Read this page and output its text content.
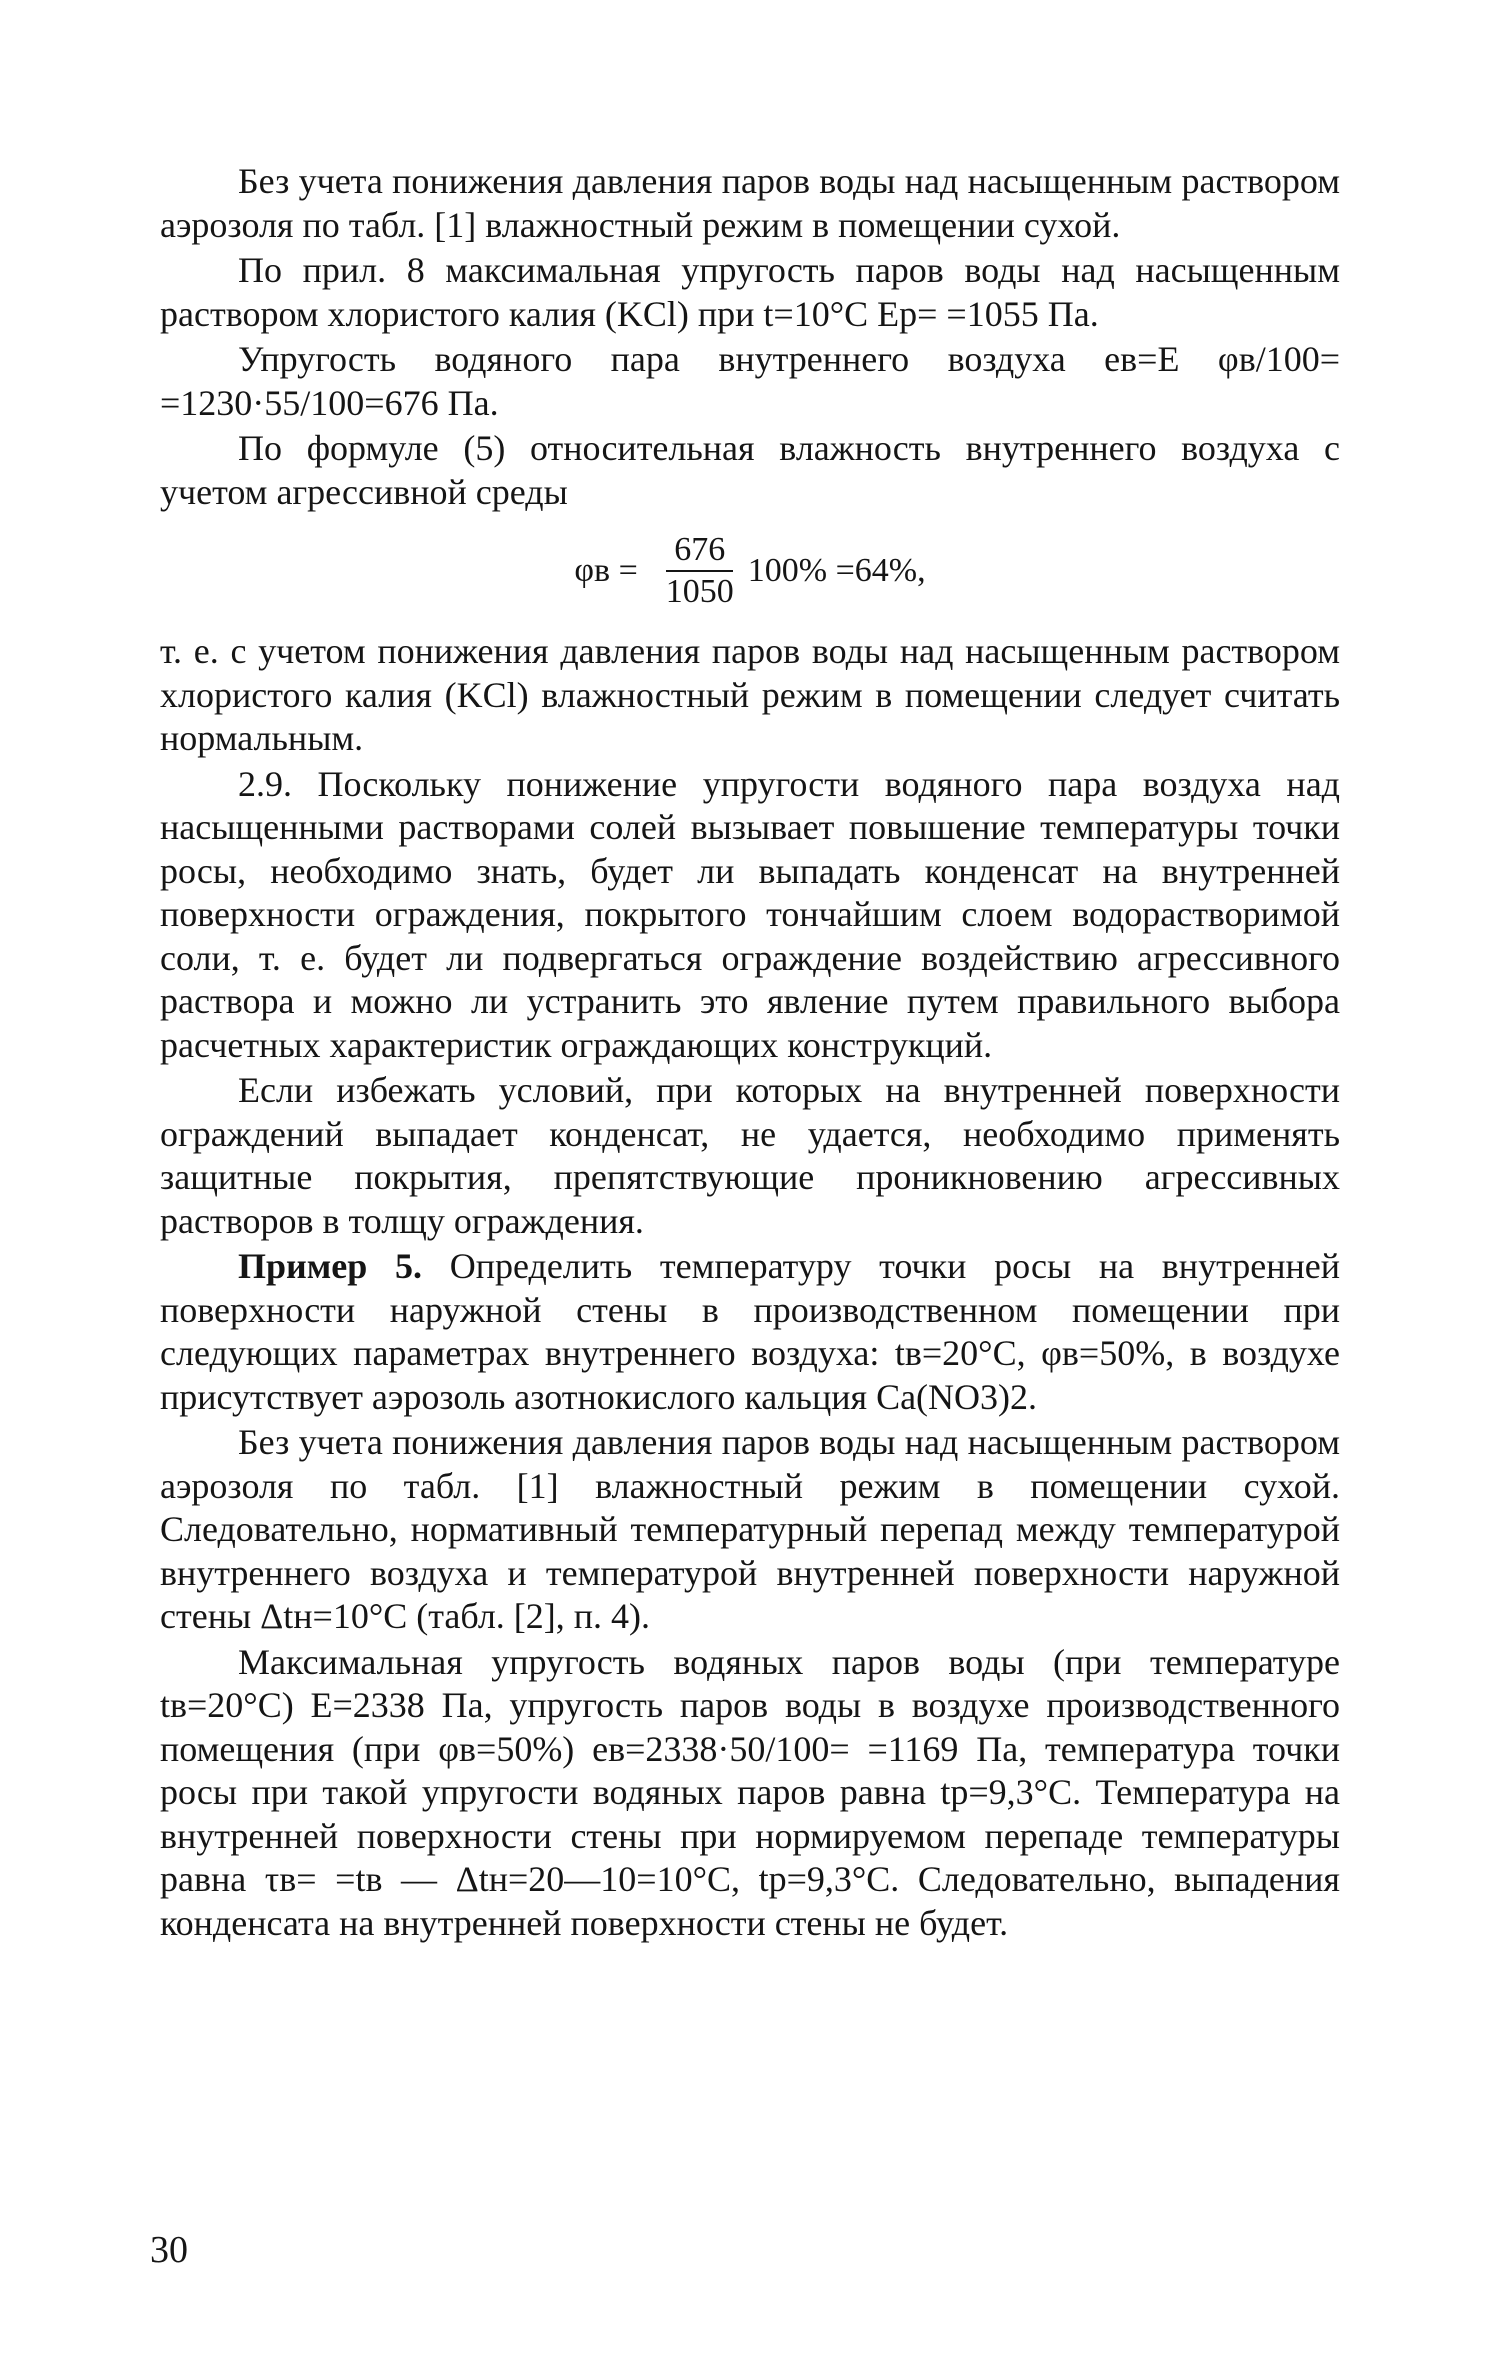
Без учета понижения давления паров воды над насыщенным раствором аэрозоля по табл. [1] влажностный режим в помещении сухой.

По прил. 8 максимальная упругость паров воды над насыщенным раствором хлористого калия (KCl) при t=10°C Eр= =1055 Па.

Упругость водяного пара внутреннего воздуха eв=E φв/100= =1230·55/100=676 Па.

По формуле (5) относительная влажность внутреннего воздуха с учетом агрессивной среды

$\varphi в = \frac{676}{1050} 100\% =64\%$,

т. е. с учетом понижения давления паров воды над насыщенным раствором хлористого калия (KCl) влажностный режим в помещении следует считать нормальным.

2.9. Поскольку понижение упругости водяного пара воздуха над насыщенными растворами солей вызывает повышение температуры точки росы, необходимо знать, будет ли выпадать конденсат на внутренней поверхности ограждения, покрытого тончайшим слоем водорастворимой соли, т. е. будет ли подвергаться ограждение воздействию агрессивного раствора и можно ли устранить это явление путем правильного выбора расчетных характеристик ограждающих конструкций.

Если избежать условий, при которых на внутренней поверхности ограждений выпадает конденсат, не удается, необходимо применять защитные покрытия, препятствующие проникновению агрессивных растворов в толщу ограждения.

Пример 5. Определить температуру точки росы на внутренней поверхности наружной стены в производственном помещении при следующих параметрах внутреннего воздуха: tв=20°C, φв=50%, в воздухе присутствует аэрозоль азотнокислого кальция Ca(NO3)2.

Без учета понижения давления паров воды над насыщенным раствором аэрозоля по табл. [1] влажностный режим в помещении сухой. Следовательно, нормативный температурный перепад между температурой внутреннего воздуха и температурой внутренней поверхности наружной стены Δtн=10°C (табл. [2], п. 4).

Максимальная упругость водяных паров воды (при температуре tв=20°C) E=2338 Па, упругость паров воды в воздухе производственного помещения (при φв=50%) eв=2338·50/100= =1169 Па, температура точки росы при такой упругости водяных паров равна tр=9,3°C. Температура на внутренней поверхности стены при нормируемом перепаде температуры равна τв= =tв — Δtн=20—10=10°C, tр=9,3°C. Следовательно, выпадения конденсата на внутренней поверхности стены не будет.

30
